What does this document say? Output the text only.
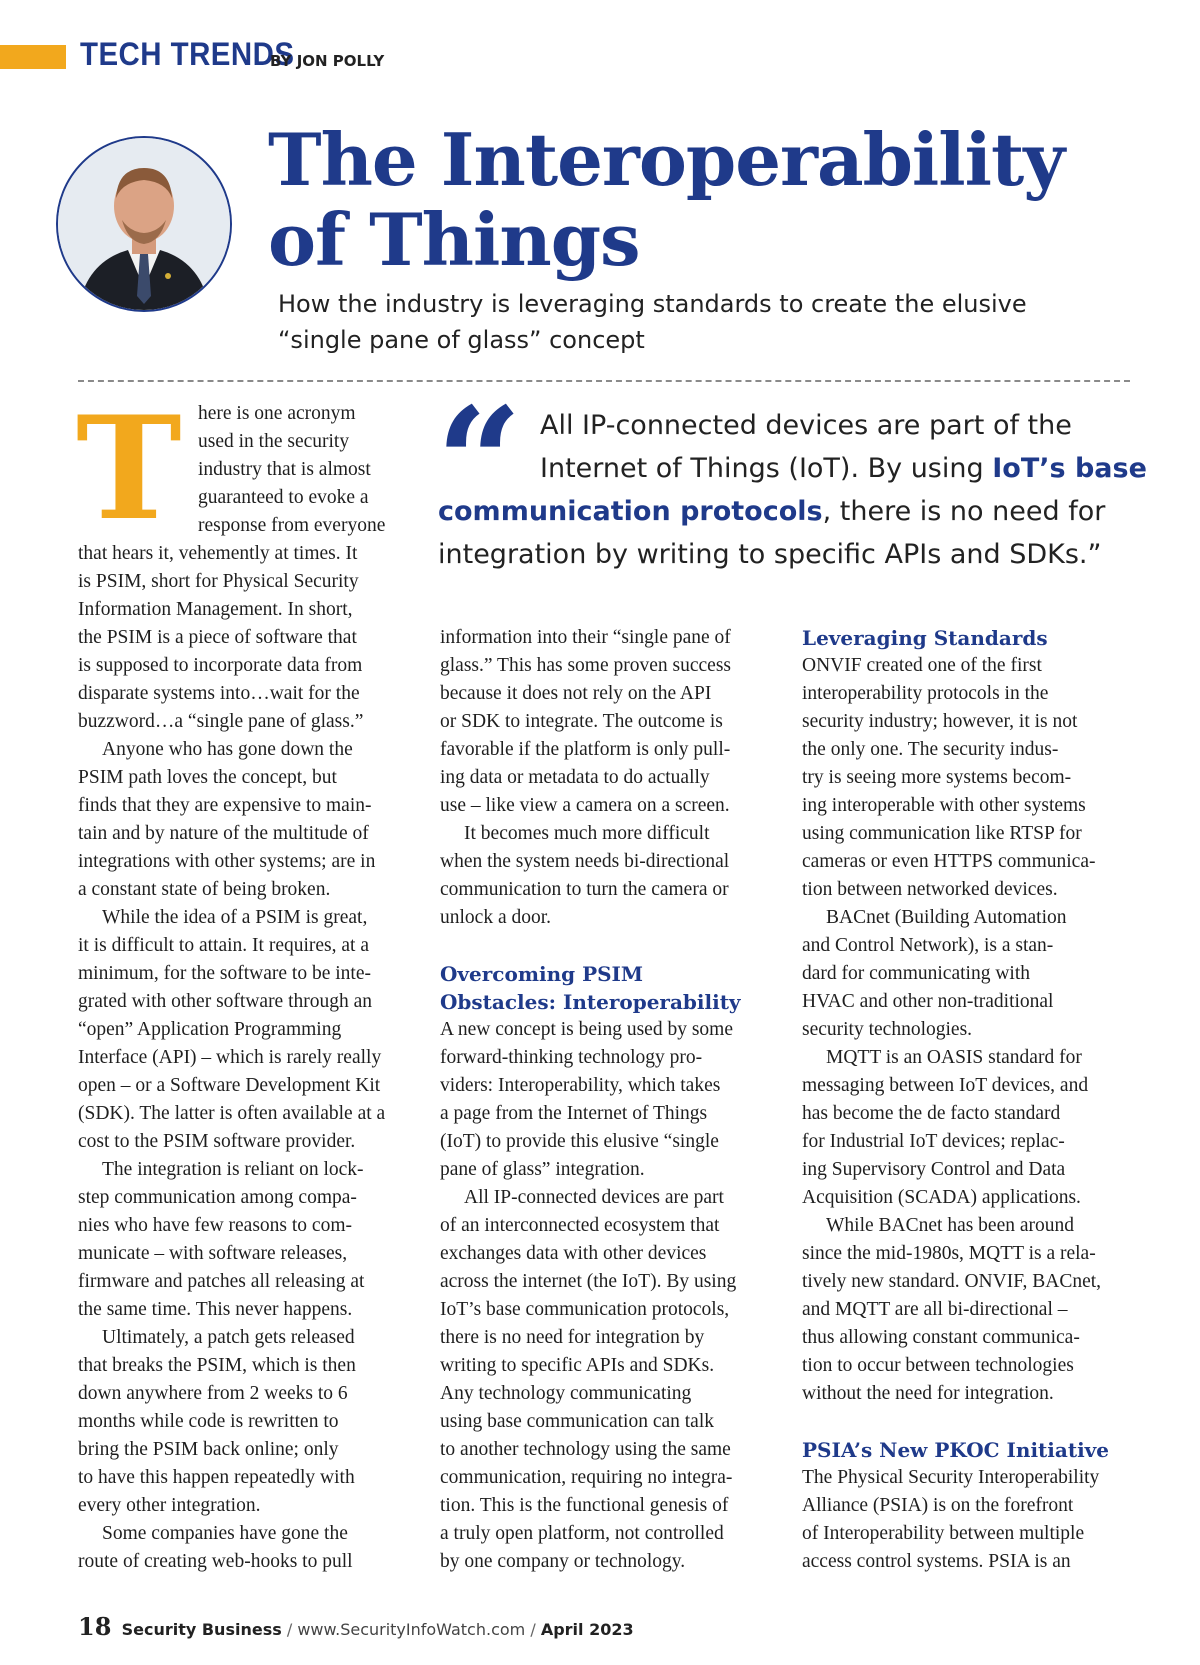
TECH TRENDS
BY JON POLLY
The Interoperability
of Things
How the industry is leveraging standards to create the elusive
“single pane of glass” concept
T here is one acronym
used in the security
industry that is almost
guaranteed to evoke a
response from everyone
that hears it, vehemently at times. It
is PSIM, short for Physical Security
Information Management. In short,
the PSIM is a piece of software that
is supposed to incorporate data from
disparate systems into…wait for the
buzzword…a “single pane of glass.”
Anyone who has gone down the
PSIM path loves the concept, but
finds that they are expensive to main-
tain and by nature of the multitude of
integrations with other systems; are in
a constant state of being broken.
While the idea of a PSIM is great,
it is difficult to attain. It requires, at a
minimum, for the software to be inte-
grated with other software through an
“open” Application Programming
Interface (API) – which is rarely really
open – or a Software Development Kit
(SDK). The latter is often available at a
cost to the PSIM software provider.
The integration is reliant on lock-
step communication among compa-
nies who have few reasons to com-
municate – with software releases,
firmware and patches all releasing at
the same time. This never happens.
Ultimately, a patch gets released
that breaks the PSIM, which is then
down anywhere from 2 weeks to 6
months while code is rewritten to
bring the PSIM back online; only
to have this happen repeatedly with
every other integration.
Some companies have gone the
route of creating web-hooks to pull
“ All IP-connected devices are part of the
Internet of Things (IoT). By using IoT’s base
communication protocols, there is no need for
integration by writing to specific APIs and SDKs.”
information into their “single pane of
glass.” This has some proven success
because it does not rely on the API
or SDK to integrate. The outcome is
favorable if the platform is only pull-
ing data or metadata to do actually
use – like view a camera on a screen.
It becomes much more difficult
when the system needs bi-directional
communication to turn the camera or
unlock a door.
Overcoming PSIM
Obstacles: Interoperability
A new concept is being used by some
forward-thinking technology pro-
viders: Interoperability, which takes
a page from the Internet of Things
(IoT) to provide this elusive “single
pane of glass” integration.
All IP-connected devices are part
of an interconnected ecosystem that
exchanges data with other devices
across the internet (the IoT). By using
IoT’s base communication protocols,
there is no need for integration by
writing to specific APIs and SDKs.
Any technology communicating
using base communication can talk
to another technology using the same
communication, requiring no integra-
tion. This is the functional genesis of
a truly open platform, not controlled
by one company or technology.
Leveraging Standards
ONVIF created one of the first
interoperability protocols in the
security industry; however, it is not
the only one. The security indus-
try is seeing more systems becom-
ing interoperable with other systems
using communication like RTSP for
cameras or even HTTPS communica-
tion between networked devices.
BACnet (Building Automation
and Control Network), is a stan-
dard for communicating with
HVAC and other non-traditional
security technologies.
MQTT is an OASIS standard for
messaging between IoT devices, and
has become the de facto standard
for Industrial IoT devices; replac-
ing Supervisory Control and Data
Acquisition (SCADA) applications.
While BACnet has been around
since the mid-1980s, MQTT is a rela-
tively new standard. ONVIF, BACnet,
and MQTT are all bi-directional –
thus allowing constant communica-
tion to occur between technologies
without the need for integration.
PSIA’s New PKOC Initiative
The Physical Security Interoperability
Alliance (PSIA) is on the forefront
of Interoperability between multiple
access control systems. PSIA is an
18 Security Business / www.SecurityInfoWatch.com / April 2023
